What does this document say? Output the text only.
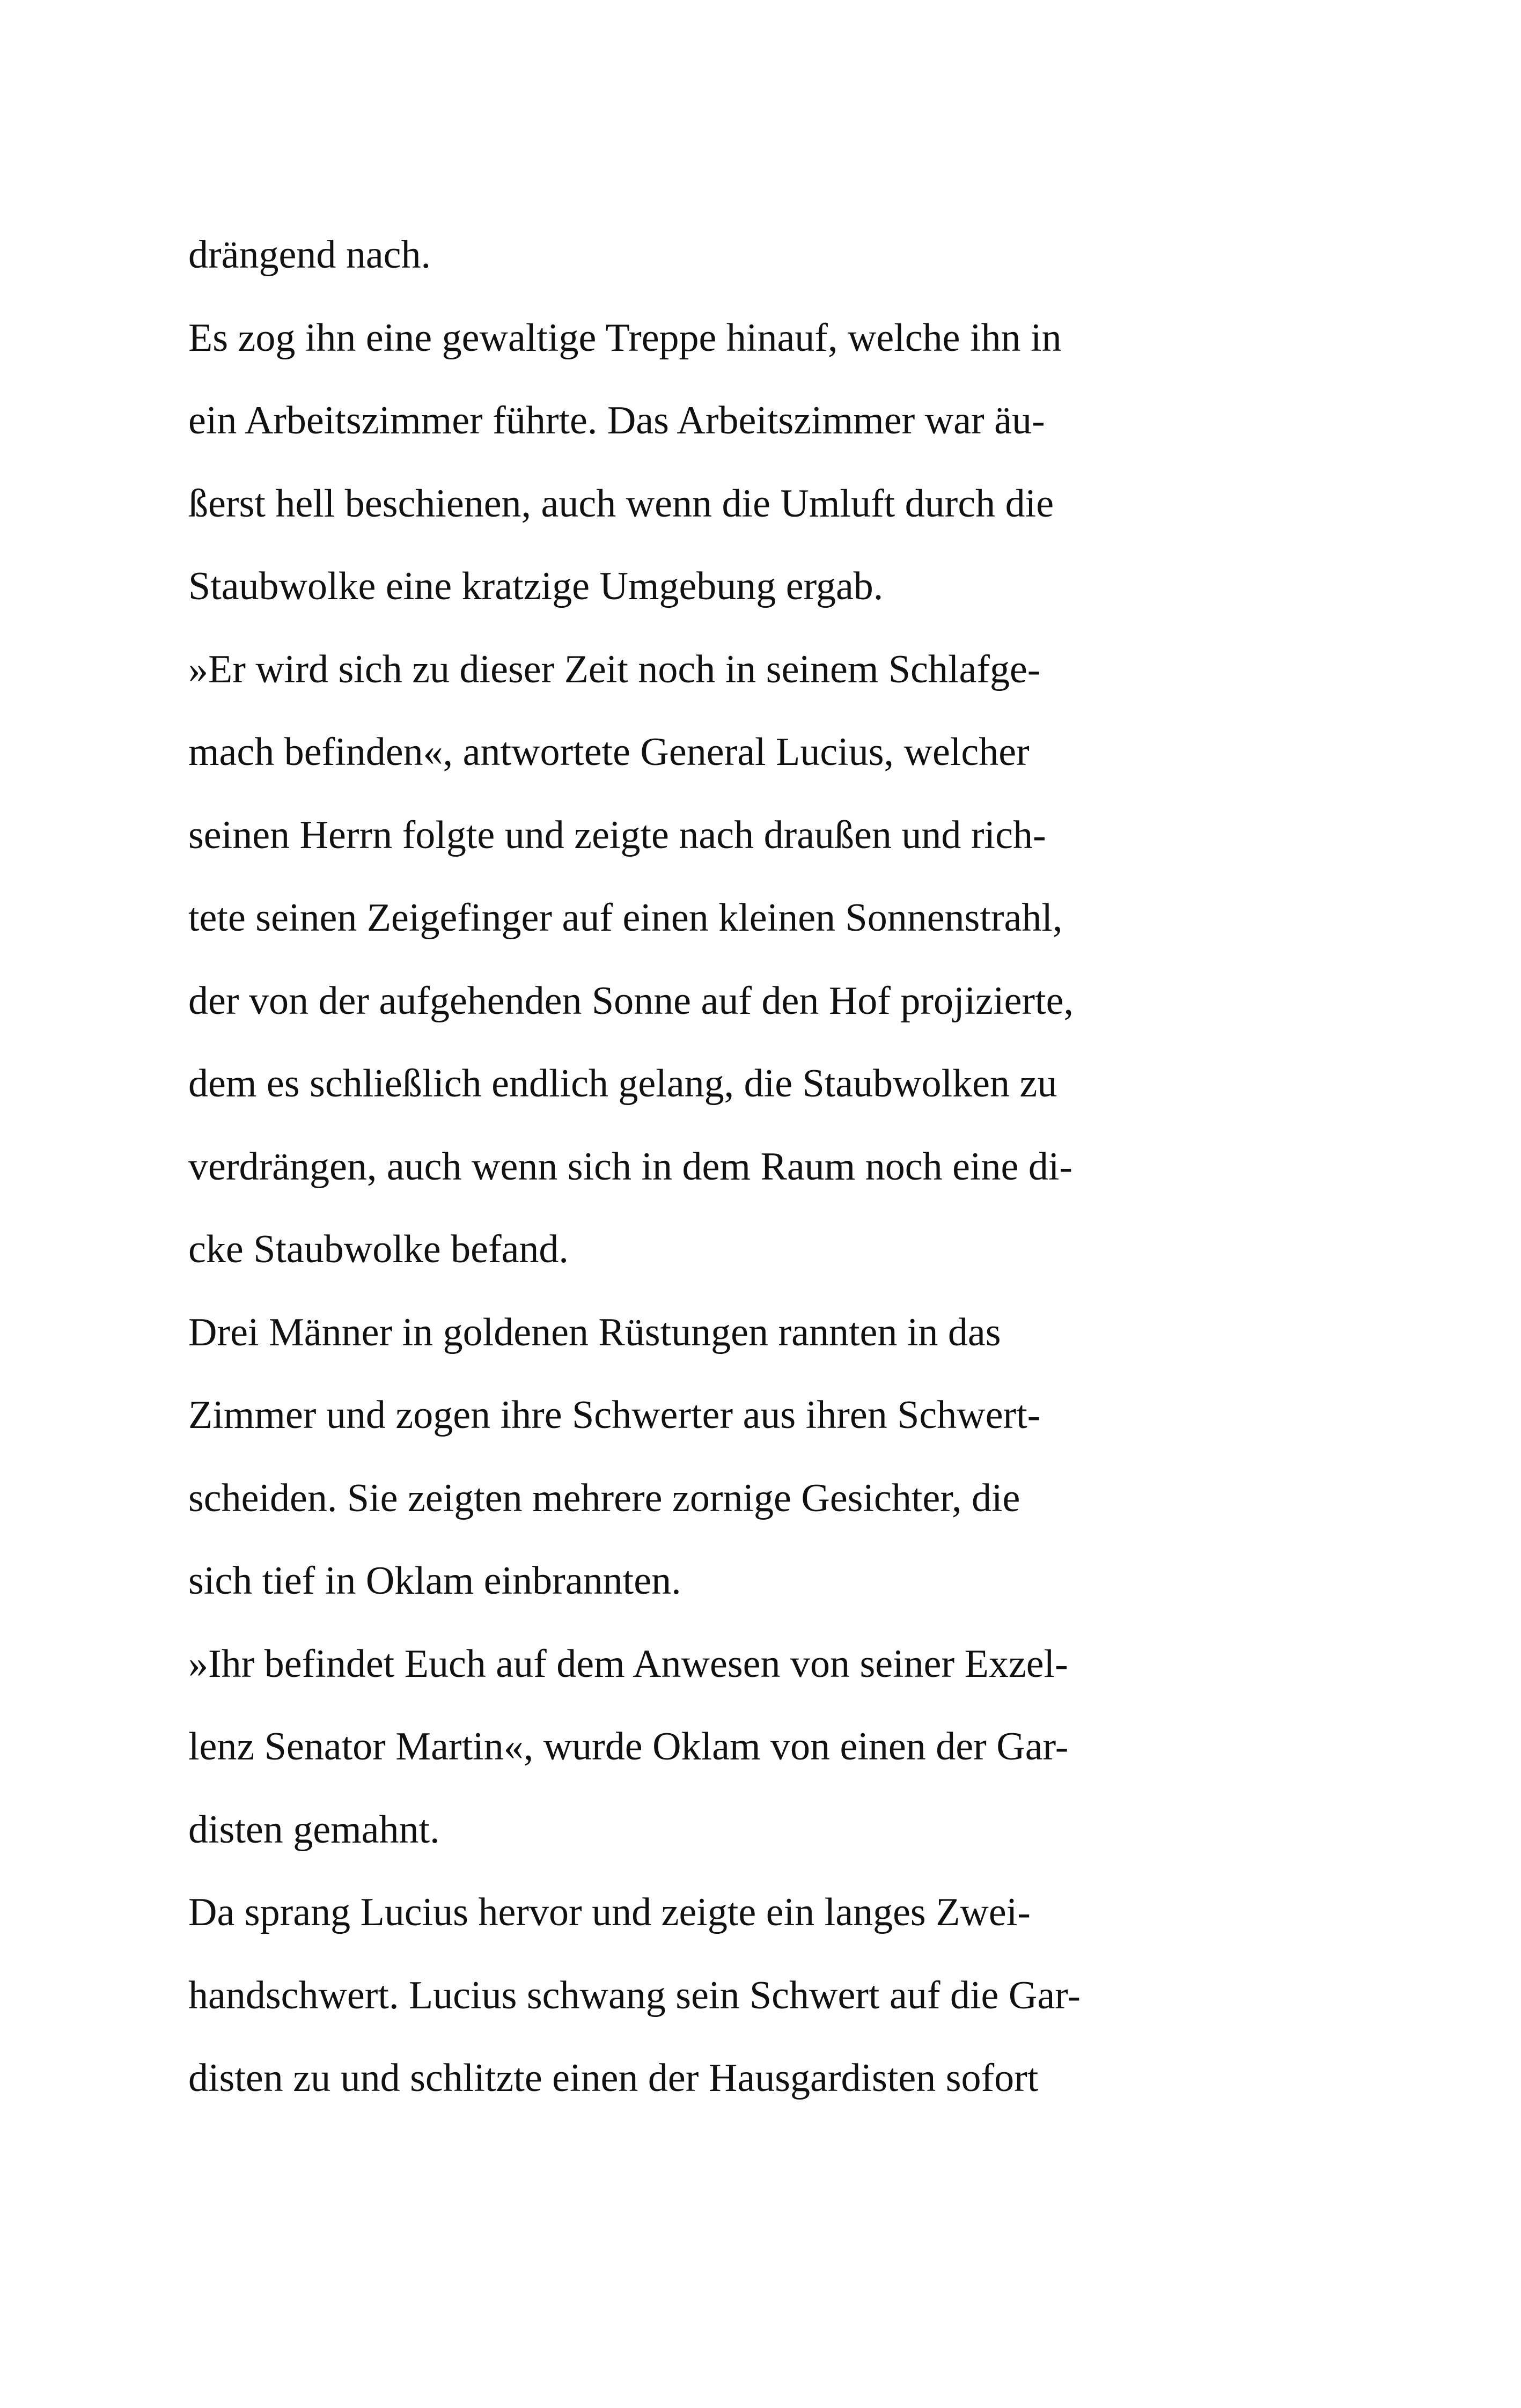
drängend nach.
Es zog ihn eine gewaltige Treppe hinauf, welche ihn in
ein Arbeitszimmer führte. Das Arbeitszimmer war äu-
ßerst hell beschienen, auch wenn die Umluft durch die
Staubwolke eine kratzige Umgebung ergab.
»Er wird sich zu dieser Zeit noch in seinem Schlafge-
mach befinden«, antwortete General Lucius, welcher
seinen Herrn folgte und zeigte nach draußen und rich-
tete seinen Zeigefinger auf einen kleinen Sonnenstrahl,
der von der aufgehenden Sonne auf den Hof projizierte,
dem es schließlich endlich gelang, die Staubwolken zu
verdrängen, auch wenn sich in dem Raum noch eine di-
cke Staubwolke befand.
Drei Männer in goldenen Rüstungen rannten in das
Zimmer und zogen ihre Schwerter aus ihren Schwert-
scheiden. Sie zeigten mehrere zornige Gesichter, die
sich tief in Oklam einbrannten.
»Ihr befindet Euch auf dem Anwesen von seiner Exzel-
lenz Senator Martin«, wurde Oklam von einen der Gar-
disten gemahnt.
Da sprang Lucius hervor und zeigte ein langes Zwei-
handschwert. Lucius schwang sein Schwert auf die Gar-
disten zu und schlitzte einen der Hausgardisten sofort
